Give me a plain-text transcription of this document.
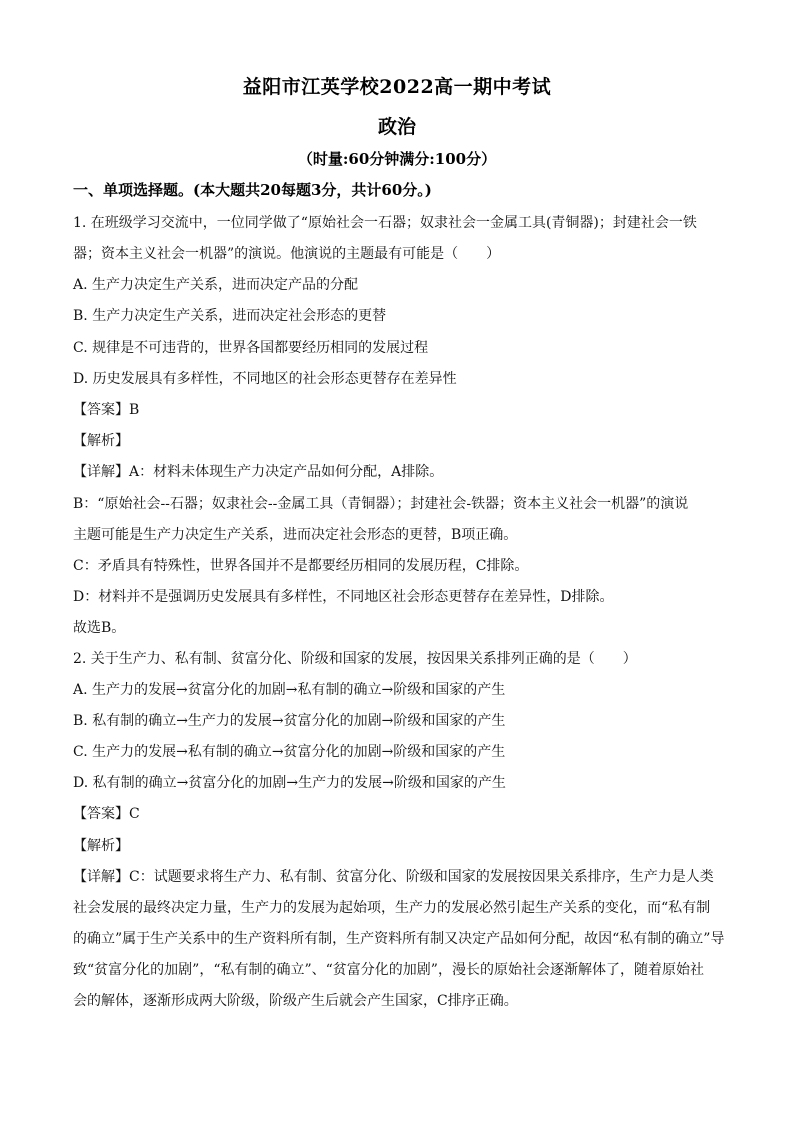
益阳市江英学校2022高一期中考试
政治
（时量:60分钟满分:100分）
一、单项选择题。(本大题共20每题3分，共计60分。)
1. 在班级学习交流中，一位同学做了“原始社会一石器；奴隶社会一金属工具(青铜器)；封建社会一铁
器；资本主义社会一机器”的演说。他演说的主题最有可能是（　　）
A. 生产力决定生产关系，进而决定产品的分配
B. 生产力决定生产关系，进而决定社会形态的更替
C. 规律是不可违背的，世界各国都要经历相同的发展过程
D. 历史发展具有多样性，不同地区的社会形态更替存在差异性
【答案】B
【解析】
【详解】A：材料未体现生产力决定产品如何分配，A排除。
B：“原始社会--石器；奴隶社会--金属工具（青铜器）；封建社会-铁器；资本主义社会一机器”的演说
主题可能是生产力决定生产关系，进而决定社会形态的更替，B项正确。
C：矛盾具有特殊性，世界各国并不是都要经历相同的发展历程，C排除。
D：材料并不是强调历史发展具有多样性，不同地区社会形态更替存在差异性，D排除。
故选B。
2. 关于生产力、私有制、贫富分化、阶级和国家的发展，按因果关系排列正确的是（　　）
A. 生产力的发展→贫富分化的加剧→私有制的确立→阶级和国家的产生
B. 私有制的确立→生产力的发展→贫富分化的加剧→阶级和国家的产生
C. 生产力的发展→私有制的确立→贫富分化的加剧→阶级和国家的产生
D. 私有制的确立→贫富分化的加剧→生产力的发展→阶级和国家的产生
【答案】C
【解析】
【详解】C：试题要求将生产力、私有制、贫富分化、阶级和国家的发展按因果关系排序，生产力是人类
社会发展的最终决定力量，生产力的发展为起始项，生产力的发展必然引起生产关系的变化，而“私有制
的确立”属于生产关系中的生产资料所有制，生产资料所有制又决定产品如何分配，故因“私有制的确立”导
致“贫富分化的加剧”，“私有制的确立”、“贫富分化的加剧”，漫长的原始社会逐渐解体了，随着原始社
会的解体，逐渐形成两大阶级，阶级产生后就会产生国家，C排序正确。
